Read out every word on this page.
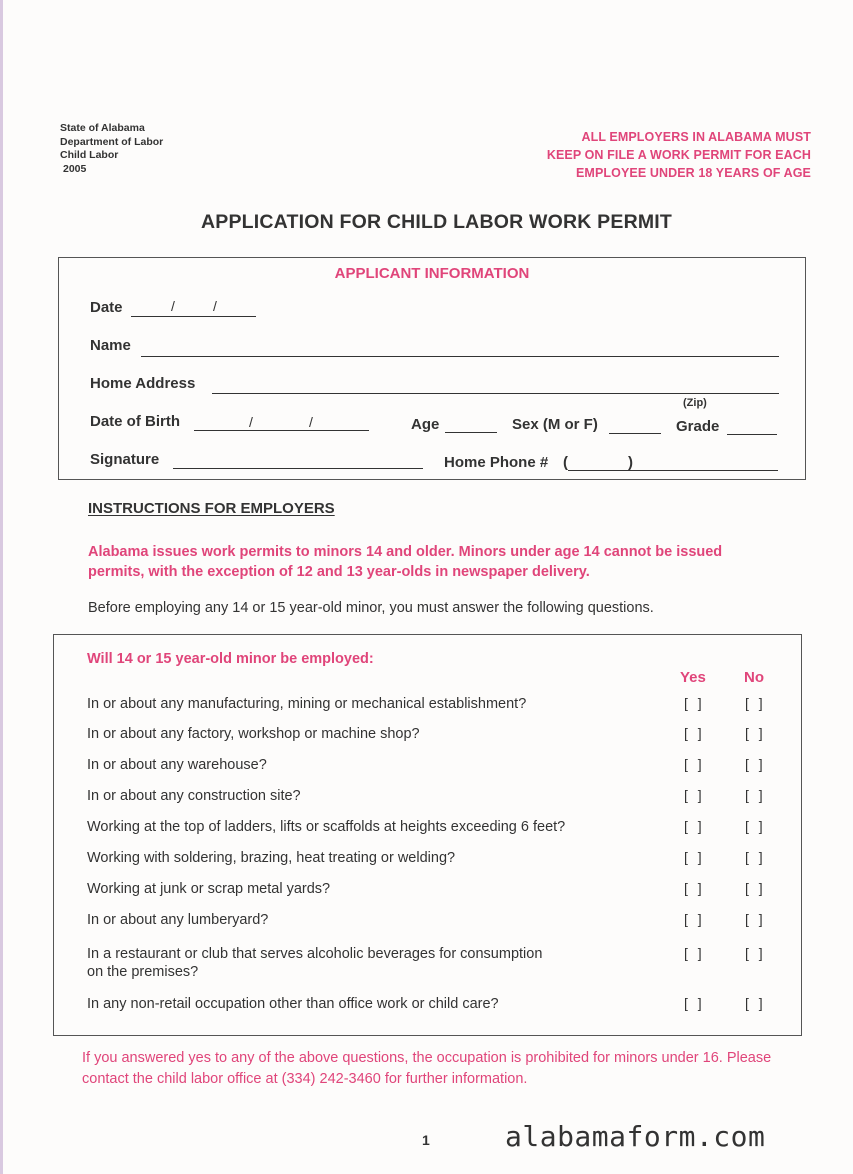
State of Alabama
Department of Labor
Child Labor
2005
ALL EMPLOYERS IN ALABAMA MUST
KEEP ON FILE A WORK PERMIT FOR EACH
EMPLOYEE UNDER 18 YEARS OF AGE
APPLICATION FOR CHILD LABOR WORK PERMIT
APPLICANT INFORMATION
Date	/	/
Name
Home Address
(Zip)
Date of Birth	/	/	Age	Sex (M or F)	Grade
Signature	Home Phone # (	)
INSTRUCTIONS FOR EMPLOYERS
Alabama issues work permits to minors 14 and older. Minors under age 14 cannot be issued permits, with the exception of 12 and 13 year-olds in newspaper delivery.
Before employing any 14 or 15 year-old minor, you must answer the following questions.
Will 14 or 15 year-old minor be employed:
Yes	No
In or about any manufacturing, mining or mechanical establishment?	[ ]	[ ]
In or about any factory, workshop or machine shop?	[ ]	[ ]
In or about any warehouse?	[ ]	[ ]
In or about any construction site?	[ ]	[ ]
Working at the top of ladders, lifts or scaffolds at heights exceeding 6 feet?	[ ]	[ ]
Working with soldering, brazing, heat treating or welding?	[ ]	[ ]
Working at junk or scrap metal yards?	[ ]	[ ]
In or about any lumberyard?	[ ]	[ ]
In a restaurant or club that serves alcoholic beverages for consumption
on the premises?
[ ]	[ ]
In any non-retail occupation other than office work or child care?	[ ]	[ ]
If you answered yes to any of the above questions, the occupation is prohibited for minors under 16. Please contact the child labor office at (334) 242-3460 for further information.
1	alabamaform.com
